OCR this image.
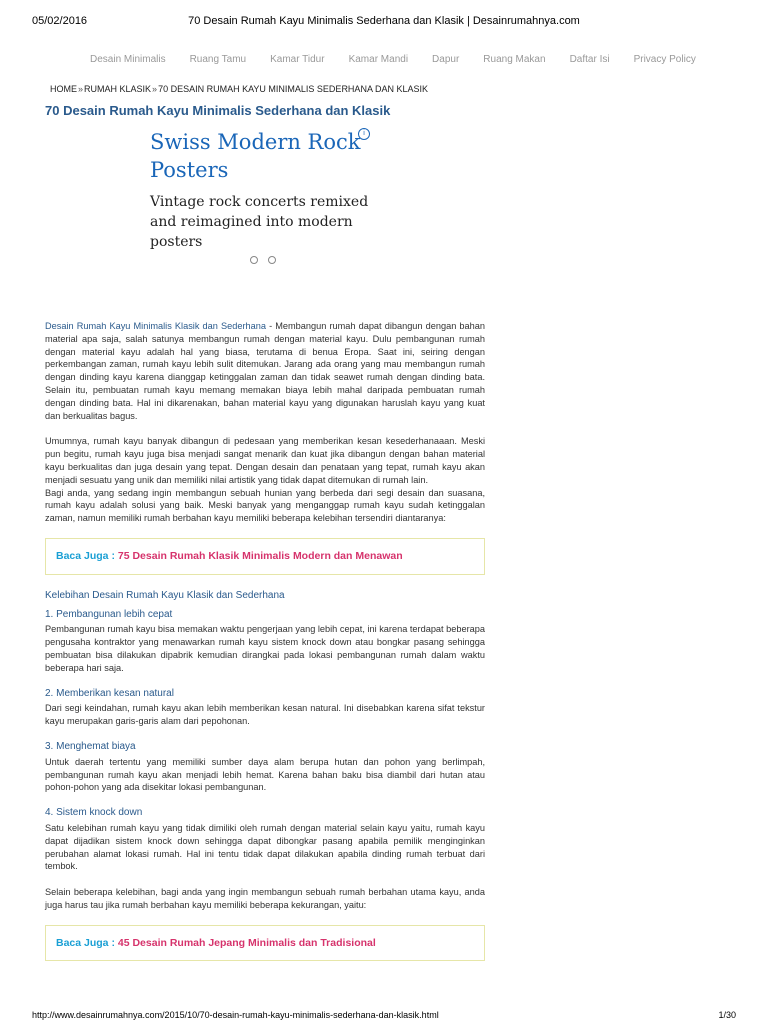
05/02/2016	70 Desain Rumah Kayu Minimalis Sederhana dan Klasik | Desainrumahnya.com
Desain Minimalis Ruang Tamu Kamar Tidur Kamar Mandi Dapur Ruang Makan Daftar Isi Privacy Policy
HOME»RUMAH KLASIK»70 DESAIN RUMAH KAYU MINIMALIS SEDERHANA DAN KLASIK
70 Desain Rumah Kayu Minimalis Sederhana dan Klasik
i

Swiss Modern Rock Posters

Vintage rock concerts remixed and reimagined into modern posters

Desain Rumah Kayu Minimalis Klasik dan Sederhana - Membangun rumah dapat dibangun dengan bahan material apa saja, salah satunya membangun rumah dengan material kayu. Dulu pembangunan rumah dengan material kayu adalah hal yang biasa, terutama di benua Eropa. Saat ini, seiring dengan perkembangan zaman, rumah kayu lebih sulit ditemukan. Jarang ada orang yang mau membangun rumah dengan dinding kayu karena dianggap ketinggalan zaman dan tidak seawet rumah dengan dinding bata. Selain itu, pembuatan rumah kayu memang memakan biaya lebih mahal daripada pembuatan rumah dengan dinding bata. Hal ini dikarenakan, bahan material kayu yang digunakan haruslah kayu yang kuat dan berkualitas bagus.

Umumnya, rumah kayu banyak dibangun di pedesaan yang memberikan kesan kesederhanaaan. Meski pun begitu, rumah kayu juga bisa menjadi sangat menarik dan kuat jika dibangun dengan bahan material kayu berkualitas dan juga desain yang tepat. Dengan desain dan penataan yang tepat, rumah kayu akan menjadi sesuatu yang unik dan memiliki nilai artistik yang tidak dapat ditemukan di rumah lain.

Bagi anda, yang sedang ingin membangun sebuah hunian yang berbeda dari segi desain dan suasana, rumah kayu adalah solusi yang baik. Meski banyak yang menganggap rumah kayu sudah ketinggalan zaman, namun memiliki rumah berbahan kayu memiliki beberapa kelebihan tersendiri diantaranya:

Baca Juga : 75 Desain Rumah Klasik Minimalis Modern dan Menawan
Kelebihan Desain Rumah Kayu Klasik dan Sederhana
1. Pembangunan lebih cepat

Pembangunan rumah kayu bisa memakan waktu pengerjaan yang lebih cepat, ini karena terdapat beberapa pengusaha kontraktor yang menawarkan rumah kayu sistem knock down atau bongkar pasang sehingga pembuatan bisa dilakukan dipabrik kemudian dirangkai pada lokasi pembangunan rumah dalam waktu beberapa hari saja.

2. Memberikan kesan natural

Dari segi keindahan, rumah kayu akan lebih memberikan kesan natural. Ini disebabkan karena sifat tekstur kayu merupakan garis-garis alam dari pepohonan.

3. Menghemat biaya

Untuk daerah tertentu yang memiliki sumber daya alam berupa hutan dan pohon yang berlimpah, pembangunan rumah kayu akan menjadi lebih hemat. Karena bahan baku bisa diambil dari hutan atau pohon-pohon yang ada disekitar lokasi pembangunan.

4. Sistem knock down

Satu kelebihan rumah kayu yang tidak dimiliki oleh rumah dengan material selain kayu yaitu, rumah kayu dapat dijadikan sistem knock down sehingga dapat dibongkar pasang apabila pemilik menginginkan perubahan alamat lokasi rumah. Hal ini tentu tidak dapat dilakukan apabila dinding rumah terbuat dari tembok.

Selain beberapa kelebihan, bagi anda yang ingin membangun sebuah rumah berbahan utama kayu, anda juga harus tau jika rumah berbahan kayu memiliki beberapa kekurangan, yaitu:

Baca Juga : 45 Desain Rumah Jepang Minimalis dan Tradisional
http://www.desainrumahnya.com/2015/10/70-desain-rumah-kayu-minimalis-sederhana-dan-klasik.html	1/30
